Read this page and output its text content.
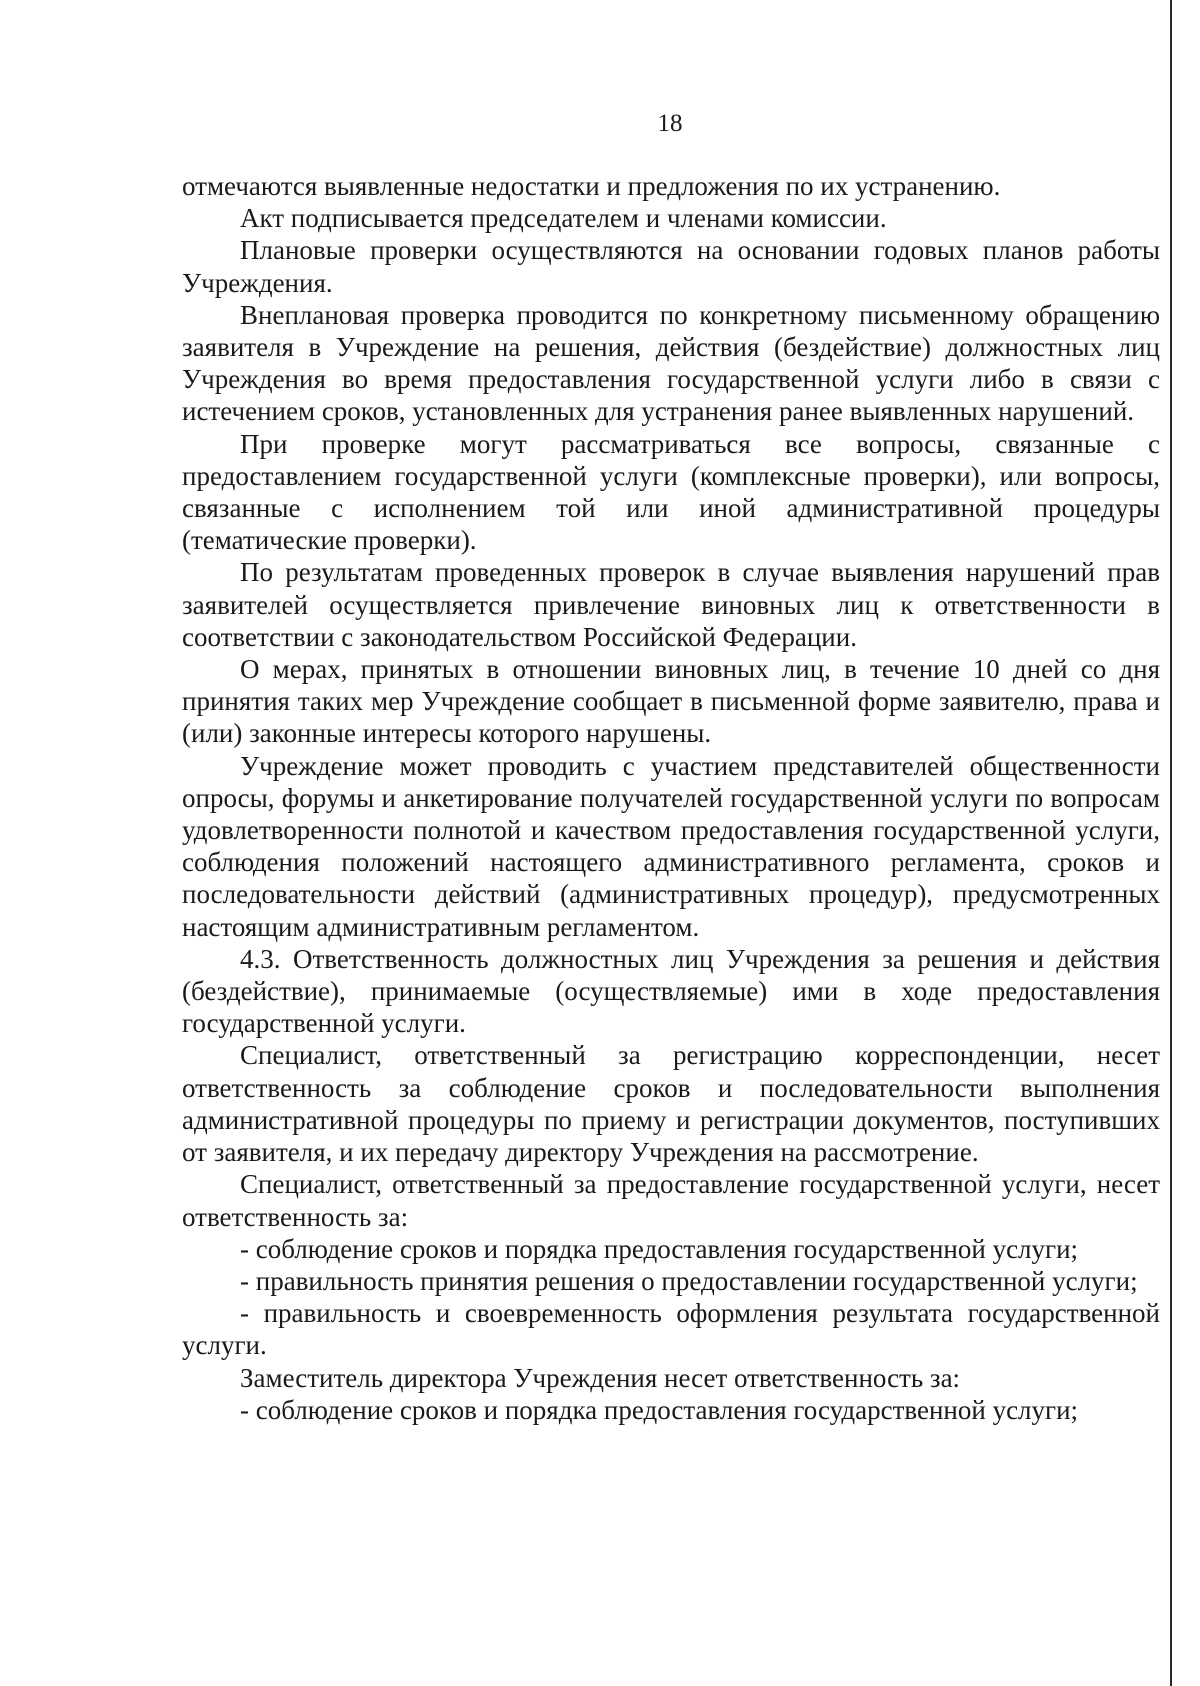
18

отмечаются выявленные недостатки и предложения по их устранению.

Акт подписывается председателем и членами комиссии.

Плановые проверки осуществляются на основании годовых планов работы Учреждения.

Внеплановая проверка проводится по конкретному письменному обращению заявителя в Учреждение на решения, действия (бездействие) должностных лиц Учреждения во время предоставления государственной услуги либо в связи с истечением сроков, установленных для устранения ранее выявленных нарушений.

При проверке могут рассматриваться все вопросы, связанные с предоставлением государственной услуги (комплексные проверки), или вопросы, связанные с исполнением той или иной административной процедуры (тематические проверки).

По результатам проведенных проверок в случае выявления нарушений прав заявителей осуществляется привлечение виновных лиц к ответственности в соответствии с законодательством Российской Федерации.

О мерах, принятых в отношении виновных лиц, в течение 10 дней со дня принятия таких мер Учреждение сообщает в письменной форме заявителю, права и (или) законные интересы которого нарушены.

Учреждение может проводить с участием представителей общественности опросы, форумы и анкетирование получателей государственной услуги по вопросам удовлетворенности полнотой и качеством предоставления государственной услуги, соблюдения положений настоящего административного регламента, сроков и последовательности действий (административных процедур), предусмотренных настоящим административным регламентом.

4.3. Ответственность должностных лиц Учреждения за решения и действия (бездействие), принимаемые (осуществляемые) ими в ходе предоставления государственной услуги.

Специалист, ответственный за регистрацию корреспонденции, несет ответственность за соблюдение сроков и последовательности выполнения административной процедуры по приему и регистрации документов, поступивших от заявителя, и их передачу директору Учреждения на рассмотрение.

Специалист, ответственный за предоставление государственной услуги, несет ответственность за:

- соблюдение сроков и порядка предоставления государственной услуги;

- правильность принятия решения о предоставлении государственной услуги;

- правильность и своевременность оформления результата государственной услуги.

Заместитель директора Учреждения несет ответственность за:

- соблюдение сроков и порядка предоставления государственной услуги;
